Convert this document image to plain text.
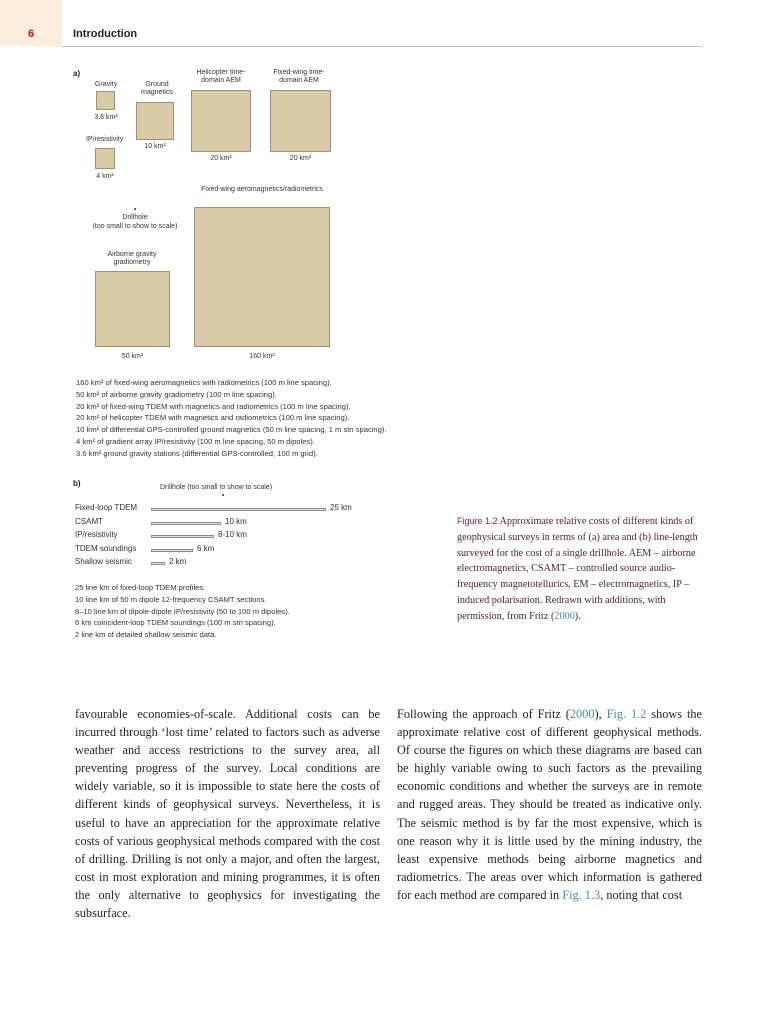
6	Introduction
a)
Gravity	Ground magnetics
Helicopter time-domain AEM
Fixed-wing time-domain AEM
3.6 km²
10 km²
20 km²	20 km²
IP/resistivity
4 km²
Drillhole
(too small to show to scale)
Fixed-wing aeromagnetics/radiometrics
160 km²
Airborne gravity gradiometry
50 km²
160 km² of fixed-wing aeromagnetics with radiometrics (100 m line spacing).
50 km² of airborne gravity gradiometry (100 m line spacing).
20 km² of fixed-wing TDEM with magnetics and radiometrics (100 m line spacing).
20 km² of helicopter TDEM with magnetics and radiometrics (100 m line spacing).
10 km² of differential GPS-controlled ground magnetics (50 m line spacing, 1 m stn spacing).
4 km² of gradient array IP/resistivity (100 m line spacing, 50 m dipoles).
3.6 km² ground gravity stations (differential GPS-controlled, 100 m grid).
b)	Drillhole (too small to show to scale)
Fixed-loop TDEM	25 km
CSAMT	10 km
IP/resistivity	8-10 km
TDEM soundings	6 km
Shallow seismic	2 km
25 line km of fixed-loop TDEM profiles.
10 line km of 50 m dipole 12-frequency CSAMT sections.
8–10 line km of dipole-dipole IP/resistivity (50 to 100 m dipoles).
6 km coincident-loop TDEM soundings (100 m stn spacing).
2 line km of detailed shallow seismic data.
Figure 1.2 Approximate relative costs of different kinds of geophysical surveys in terms of (a) area and (b) line-length surveyed for the cost of a single drillhole. AEM – airborne electromagnetics, CSAMT – controlled source audio-frequency magnetotellurics, EM – electromagnetics, IP – induced polarisation. Redrawn with additions, with permission, from Fritz (2000).
favourable economies-of-scale. Additional costs can be incurred through ‘lost time’ related to factors such as adverse weather and access restrictions to the survey area, all preventing progress of the survey. Local conditions are widely variable, so it is impossible to state here the costs of different kinds of geophysical surveys. Nevertheless, it is useful to have an appreciation for the approximate relative costs of various geophysical methods compared with the cost of drilling. Drilling is not only a major, and often the largest, cost in most exploration and mining programmes, it is often the only alternative to geophysics for investigating the subsurface.
Following the approach of Fritz (2000), Fig. 1.2 shows the approximate relative cost of different geophysical methods. Of course the figures on which these diagrams are based can be highly variable owing to such factors as the prevailing economic conditions and whether the surveys are in remote and rugged areas. They should be treated as indicative only. The seismic method is by far the most expensive, which is one reason why it is little used by the mining industry, the least expensive methods being airborne magnetics and radiometrics. The areas over which information is gathered for each method are compared in Fig. 1.3, noting that cost
